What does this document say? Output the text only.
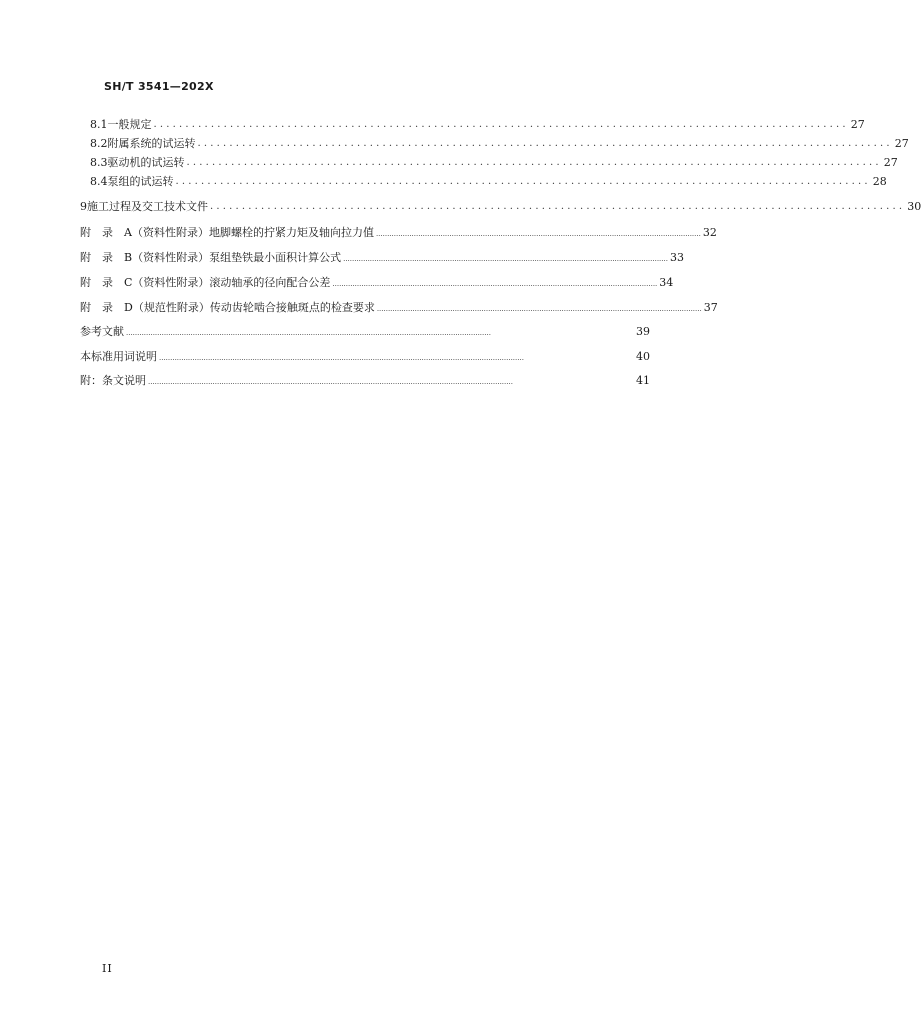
SH/T 3541—202X
8.1 一般规定 ............................................................................................................. 27
8.2 附属系统的试运转 ............................................................................................................. 27
8.3 驱动机的试运转 ............................................................................................................. 27
8.4 泵组的试运转 ............................................................................................................. 28
9 施工过程及交工技术文件 ............................................................................................................. 30
附　录　A （资料性附录）地脚螺栓的拧紧力矩及轴向拉力值 .................................................................................................................................................. 32
附　录　B （资料性附录）泵组垫铁最小面积计算公式 .................................................................................................................................................. 33
附　录　C （资料性附录）滚动轴承的径向配合公差 .................................................................................................................................................. 34
附　录　D （规范性附录）传动齿轮啮合接触斑点的检查要求 .................................................................................................................................................. 37
参考文献 ....................................................................................................................................................................	39
本标准用词说明 ....................................................................................................................................................................	40
附：条文说明 ....................................................................................................................................................................	41
II
